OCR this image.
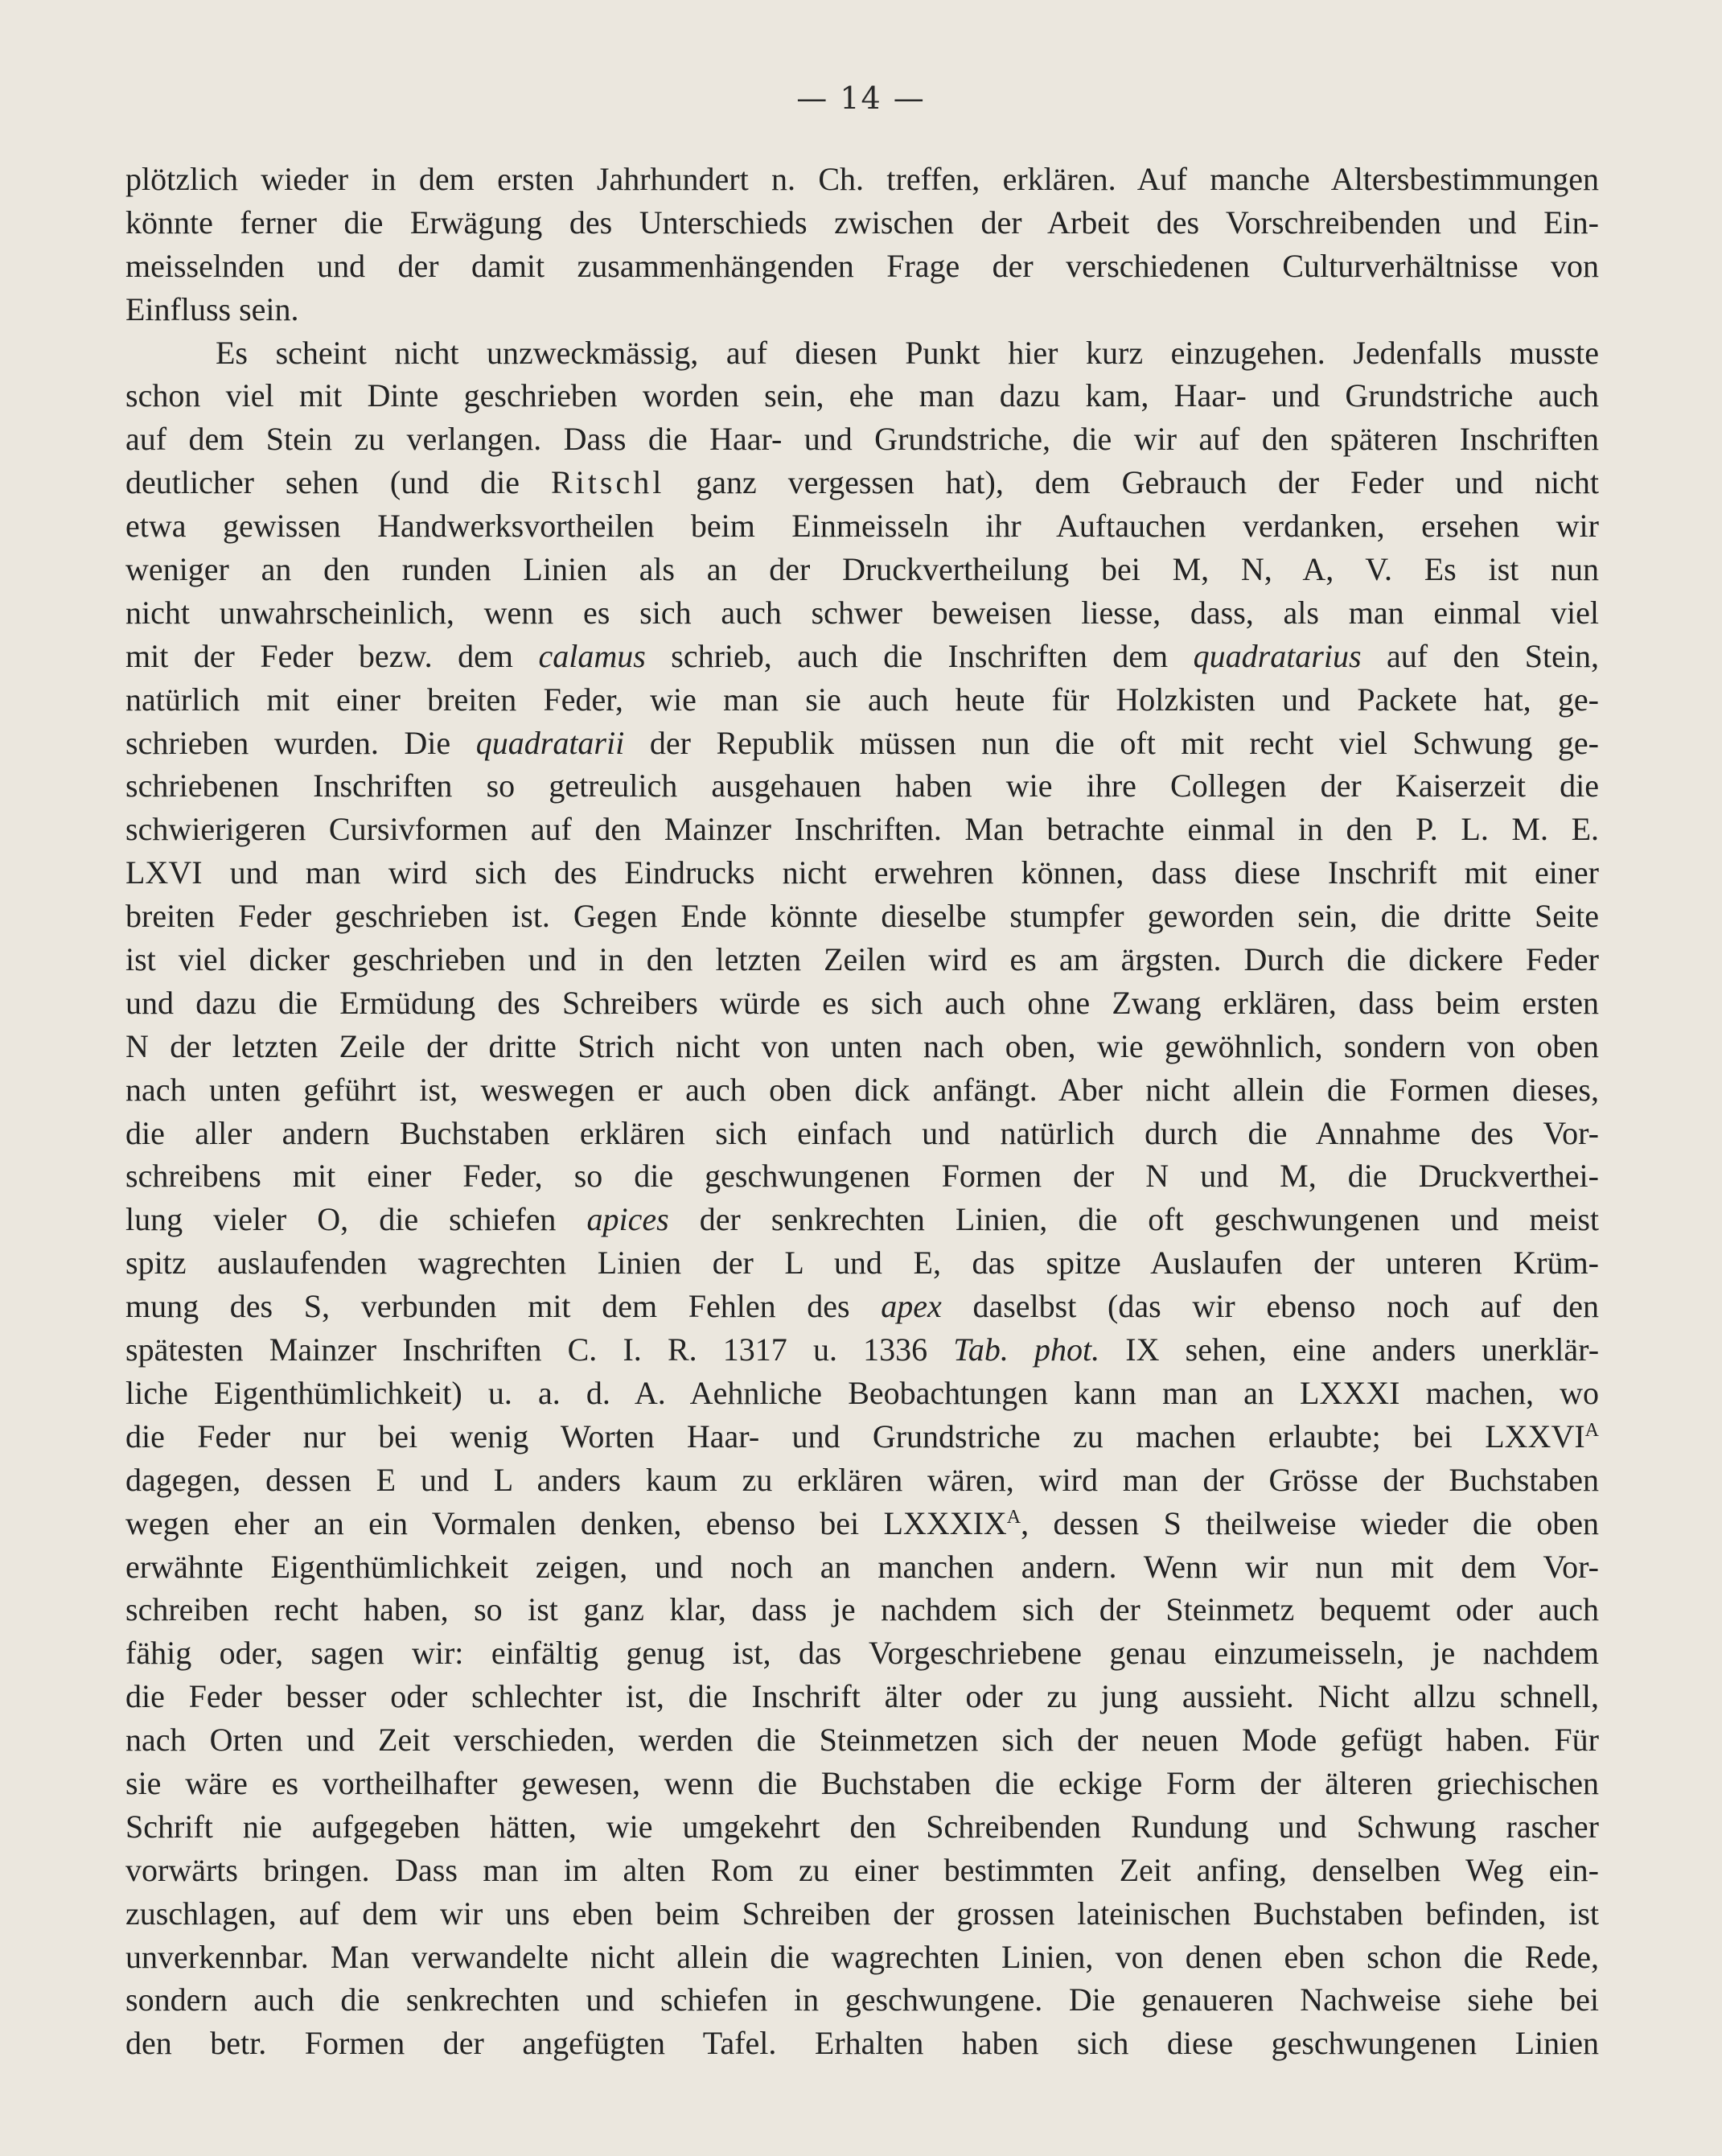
— 14 —
plötzlich wieder in dem ersten Jahrhundert n. Ch. treffen, erklären. Auf manche Altersbestimmungen
könnte ferner die Erwägung des Unterschieds zwischen der Arbeit des Vorschreibenden und Ein-
meisselnden und der damit zusammenhängenden Frage der verschiedenen Culturverhältnisse von
Einfluss sein.
Es scheint nicht unzweckmässig, auf diesen Punkt hier kurz einzugehen. Jedenfalls musste
schon viel mit Dinte geschrieben worden sein, ehe man dazu kam, Haar- und Grundstriche auch
auf dem Stein zu verlangen. Dass die Haar- und Grundstriche, die wir auf den späteren Inschriften
deutlicher sehen (und die Ritschl ganz vergessen hat), dem Gebrauch der Feder und nicht
etwa gewissen Handwerksvortheilen beim Einmeisseln ihr Auftauchen verdanken, ersehen wir
weniger an den runden Linien als an der Druckvertheilung bei M, N, A, V. Es ist nun
nicht unwahrscheinlich, wenn es sich auch schwer beweisen liesse, dass, als man einmal viel
mit der Feder bezw. dem calamus schrieb, auch die Inschriften dem quadratarius auf den Stein,
natürlich mit einer breiten Feder, wie man sie auch heute für Holzkisten und Packete hat, ge-
schrieben wurden. Die quadratarii der Republik müssen nun die oft mit recht viel Schwung ge-
schriebenen Inschriften so getreulich ausgehauen haben wie ihre Collegen der Kaiserzeit die
schwierigeren Cursivformen auf den Mainzer Inschriften. Man betrachte einmal in den P. L. M. E.
LXVI und man wird sich des Eindrucks nicht erwehren können, dass diese Inschrift mit einer
breiten Feder geschrieben ist. Gegen Ende könnte dieselbe stumpfer geworden sein, die dritte Seite
ist viel dicker geschrieben und in den letzten Zeilen wird es am ärgsten. Durch die dickere Feder
und dazu die Ermüdung des Schreibers würde es sich auch ohne Zwang erklären, dass beim ersten
N der letzten Zeile der dritte Strich nicht von unten nach oben, wie gewöhnlich, sondern von oben
nach unten geführt ist, weswegen er auch oben dick anfängt. Aber nicht allein die Formen dieses,
die aller andern Buchstaben erklären sich einfach und natürlich durch die Annahme des Vor-
schreibens mit einer Feder, so die geschwungenen Formen der N und M, die Druckverthei-
lung vieler O, die schiefen apices der senkrechten Linien, die oft geschwungenen und meist
spitz auslaufenden wagrechten Linien der L und E, das spitze Auslaufen der unteren Krüm-
mung des S, verbunden mit dem Fehlen des apex daselbst (das wir ebenso noch auf den
spätesten Mainzer Inschriften C. I. R. 1317 u. 1336 Tab. phot. IX sehen, eine anders unerklär-
liche Eigenthümlichkeit) u. a. d. A. Aehnliche Beobachtungen kann man an LXXXI machen, wo
die Feder nur bei wenig Worten Haar- und Grundstriche zu machen erlaubte; bei $LXXVI^A$
dagegen, dessen E und L anders kaum zu erklären wären, wird man der Grösse der Buchstaben
wegen eher an ein Vormalen denken, ebenso bei $LXXXIX^A$, dessen S theilweise wieder die oben
erwähnte Eigenthümlichkeit zeigen, und noch an manchen andern. Wenn wir nun mit dem Vor-
schreiben recht haben, so ist ganz klar, dass je nachdem sich der Steinmetz bequemt oder auch
fähig oder, sagen wir: einfältig genug ist, das Vorgeschriebene genau einzumeisseln, je nachdem
die Feder besser oder schlechter ist, die Inschrift älter oder zu jung aussieht. Nicht allzu schnell,
nach Orten und Zeit verschieden, werden die Steinmetzen sich der neuen Mode gefügt haben. Für
sie wäre es vortheilhafter gewesen, wenn die Buchstaben die eckige Form der älteren griechischen
Schrift nie aufgegeben hätten, wie umgekehrt den Schreibenden Rundung und Schwung rascher
vorwärts bringen. Dass man im alten Rom zu einer bestimmten Zeit anfing, denselben Weg ein-
zuschlagen, auf dem wir uns eben beim Schreiben der grossen lateinischen Buchstaben befinden, ist
unverkennbar. Man verwandelte nicht allein die wagrechten Linien, von denen eben schon die Rede,
sondern auch die senkrechten und schiefen in geschwungene. Die genaueren Nachweise siehe bei
den betr. Formen der angefügten Tafel. Erhalten haben sich diese geschwungenen Linien
